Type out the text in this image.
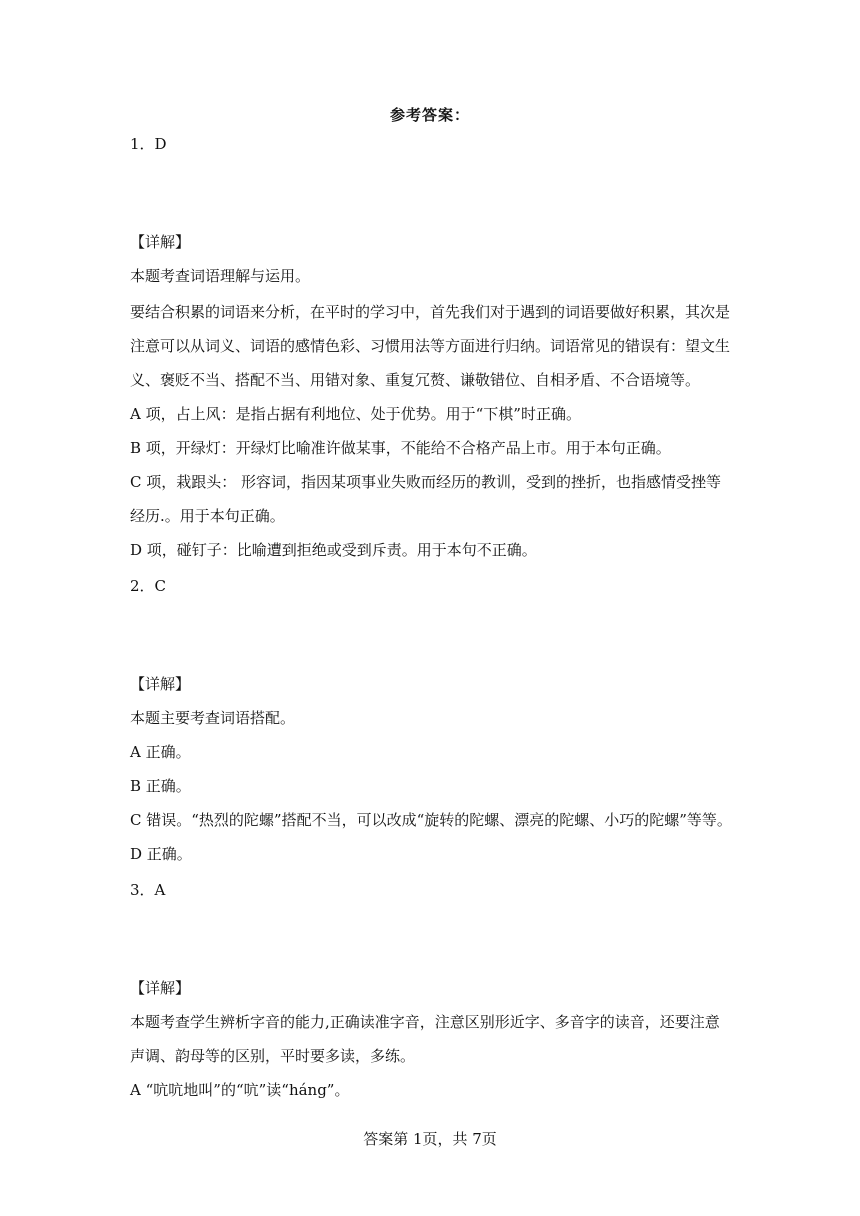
参考答案：
1．D
【详解】
本题考查词语理解与运用。
要结合积累的词语来分析，在平时的学习中，首先我们对于遇到的词语要做好积累，其次是
注意可以从词义、词语的感情色彩、习惯用法等方面进行归纳。词语常见的错误有：望文生
义、褒贬不当、搭配不当、用错对象、重复冗赘、谦敬错位、自相矛盾、不合语境等。
A 项，占上风：是指占据有利地位、处于优势。用于“下棋”时正确。
B 项，开绿灯：开绿灯比喻准许做某事，不能给不合格产品上市。用于本句正确。
C 项，栽跟头： 形容词，指因某项事业失败而经历的教训，受到的挫折，也指感情受挫等
经历.。用于本句正确。
D 项，碰钉子：比喻遭到拒绝或受到斥责。用于本句不正确。
2．C
【详解】
本题主要考查词语搭配。
A 正确。
B 正确。
C 错误。“热烈的陀螺”搭配不当，可以改成“旋转的陀螺、漂亮的陀螺、小巧的陀螺”等等。
D 正确。
3．A
【详解】
本题考查学生辨析字音的能力,正确读准字音，注意区别形近字、多音字的读音，还要注意
声调、韵母等的区别，平时要多读，多练。
A “吭吭地叫”的“吭”读“háng”。
答案第 1页，共 7页
